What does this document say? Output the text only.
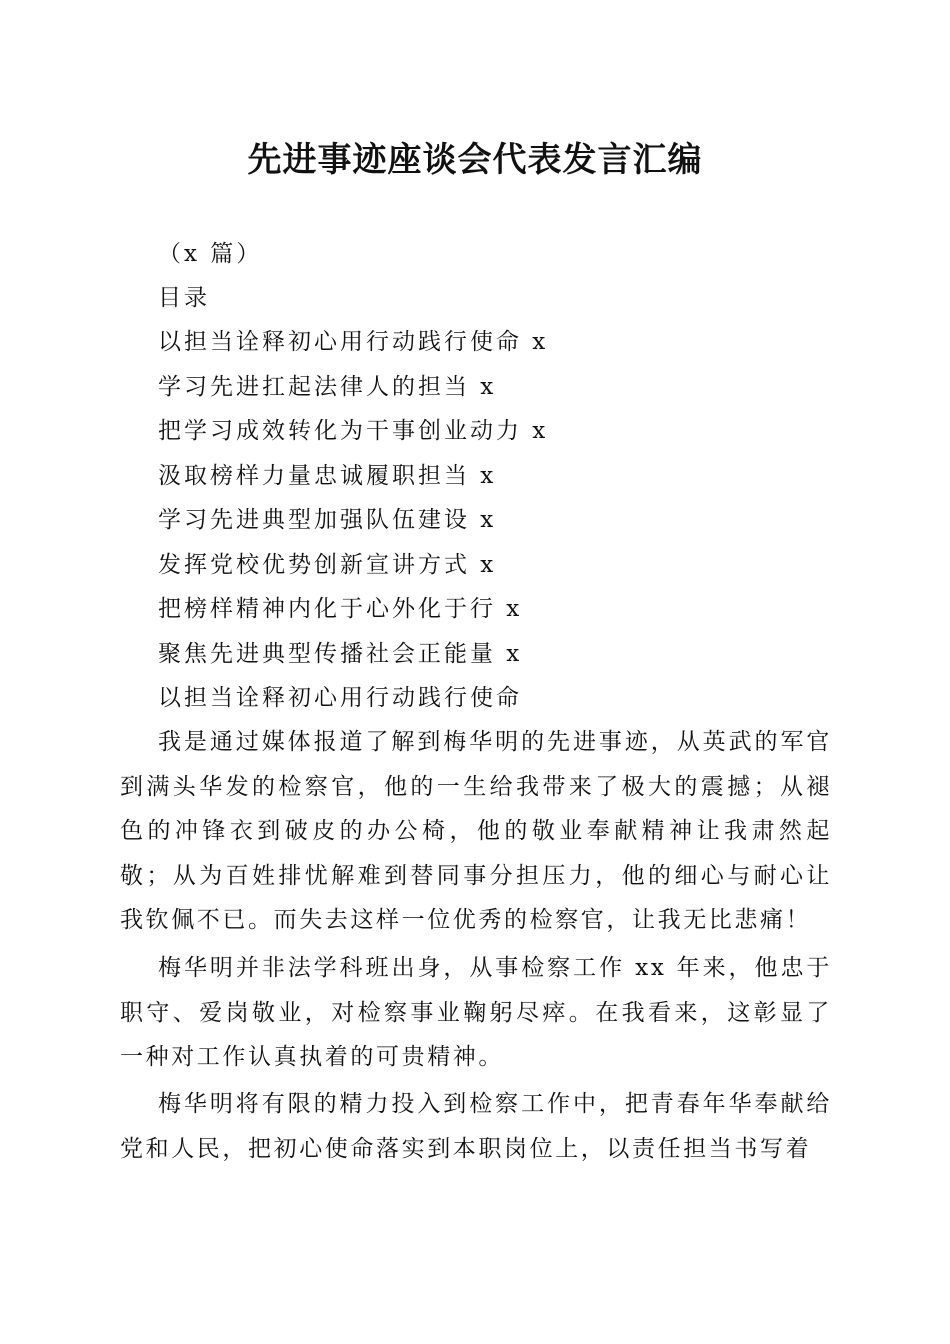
先进事迹座谈会代表发言汇编
（x 篇）
目录
以担当诠释初心用行动践行使命 x
学习先进扛起法律人的担当 x
把学习成效转化为干事创业动力 x
汲取榜样力量忠诚履职担当 x
学习先进典型加强队伍建设 x
发挥党校优势创新宣讲方式 x
把榜样精神内化于心外化于行 x
聚焦先进典型传播社会正能量 x
以担当诠释初心用行动践行使命

我是通过媒体报道了解到梅华明的先进事迹，从英武的军官到满头华发的检察官，他的一生给我带来了极大的震撼；从褪色的冲锋衣到破皮的办公椅，他的敬业奉献精神让我肃然起敬；从为百姓排忧解难到替同事分担压力，他的细心与耐心让我钦佩不已。而失去这样一位优秀的检察官，让我无比悲痛！

梅华明并非法学科班出身，从事检察工作 xx 年来，他忠于职守、爱岗敬业，对检察事业鞠躬尽瘁。在我看来，这彰显了一种对工作认真执着的可贵精神。

梅华明将有限的精力投入到检察工作中，把青春年华奉献给党和人民，把初心使命落实到本职岗位上，以责任担当书写着
